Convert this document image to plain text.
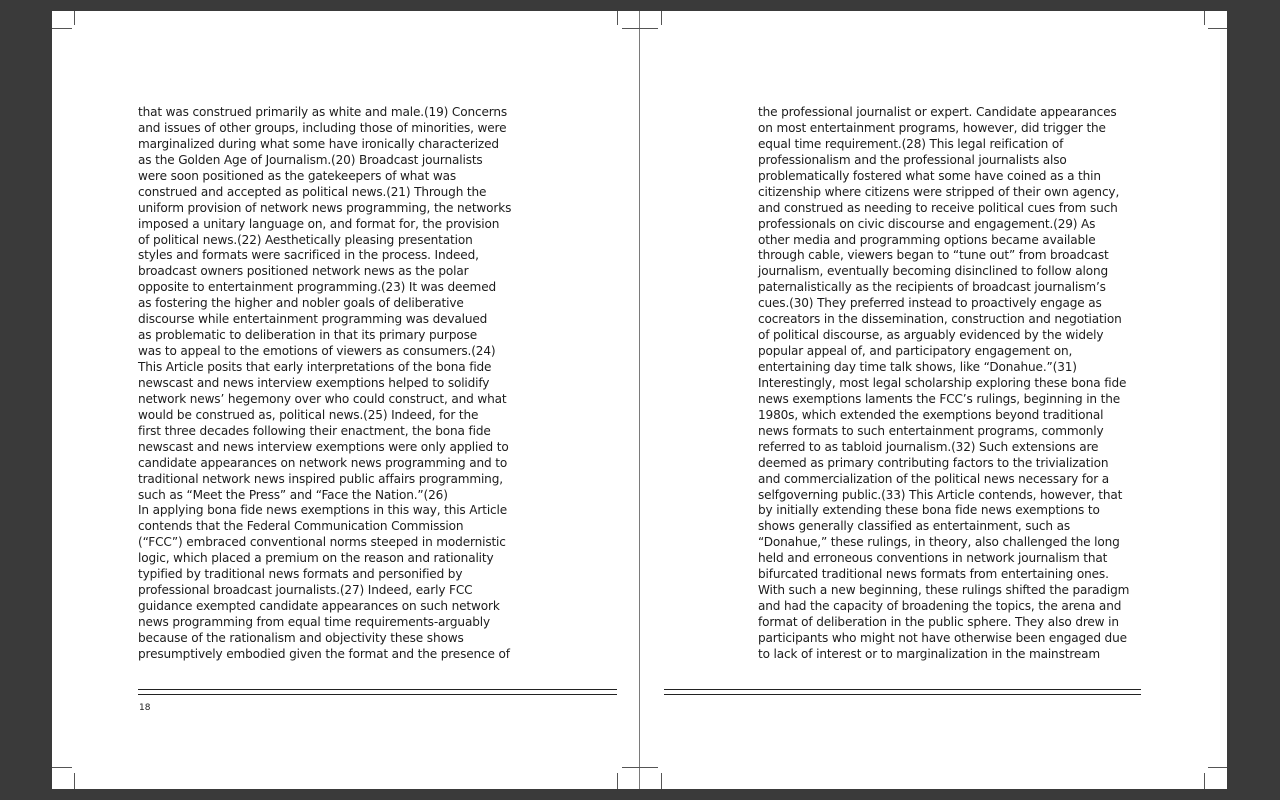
that was construed primarily as white and male.(19) Concerns
and issues of other groups, including those of minorities, were
marginalized during what some have ironically characterized
as the Golden Age of Journalism.(20) Broadcast journalists
were soon positioned as the gatekeepers of what was
construed and accepted as political news.(21) Through the
uniform provision of network news programming, the networks
imposed a unitary language on, and format for, the provision
of political news.(22) Aesthetically pleasing presentation
styles and formats were sacrificed in the process. Indeed,
broadcast owners positioned network news as the polar
opposite to entertainment programming.(23) It was deemed
as fostering the higher and nobler goals of deliberative
discourse while entertainment programming was devalued
as problematic to deliberation in that its primary purpose
was to appeal to the emotions of viewers as consumers.(24)
This Article posits that early interpretations of the bona fide
newscast and news interview exemptions helped to solidify
network news’ hegemony over who could construct, and what
would be construed as, political news.(25) Indeed, for the
first three decades following their enactment, the bona fide
newscast and news interview exemptions were only applied to
candidate appearances on network news programming and to
traditional network news inspired public affairs programming,
such as “Meet the Press” and “Face the Nation.”(26)
In applying bona fide news exemptions in this way, this Article
contends that the Federal Communication Commission
(“FCC”) embraced conventional norms steeped in modernistic
logic, which placed a premium on the reason and rationality
typified by traditional news formats and personified by
professional broadcast journalists.(27) Indeed, early FCC
guidance exempted candidate appearances on such network
news programming from equal time requirements-arguably
because of the rationalism and objectivity these shows
presumptively embodied given the format and the presence of
18
the professional journalist or expert. Candidate appearances
on most entertainment programs, however, did trigger the
equal time requirement.(28) This legal reification of
professionalism and the professional journalists also
problematically fostered what some have coined as a thin
citizenship where citizens were stripped of their own agency,
and construed as needing to receive political cues from such
professionals on civic discourse and engagement.(29) As
other media and programming options became available
through cable, viewers began to “tune out” from broadcast
journalism, eventually becoming disinclined to follow along
paternalistically as the recipients of broadcast journalism’s
cues.(30) They preferred instead to proactively engage as
cocreators in the dissemination, construction and negotiation
of political discourse, as arguably evidenced by the widely
popular appeal of, and participatory engagement on,
entertaining day time talk shows, like “Donahue.”(31)
Interestingly, most legal scholarship exploring these bona fide
news exemptions laments the FCC’s rulings, beginning in the
1980s, which extended the exemptions beyond traditional
news formats to such entertainment programs, commonly
referred to as tabloid journalism.(32) Such extensions are
deemed as primary contributing factors to the trivialization
and commercialization of the political news necessary for a
selfgoverning public.(33) This Article contends, however, that
by initially extending these bona fide news exemptions to
shows generally classified as entertainment, such as
“Donahue,” these rulings, in theory, also challenged the long
held and erroneous conventions in network journalism that
bifurcated traditional news formats from entertaining ones.
With such a new beginning, these rulings shifted the paradigm
and had the capacity of broadening the topics, the arena and
format of deliberation in the public sphere. They also drew in
participants who might not have otherwise been engaged due
to lack of interest or to marginalization in the mainstream
